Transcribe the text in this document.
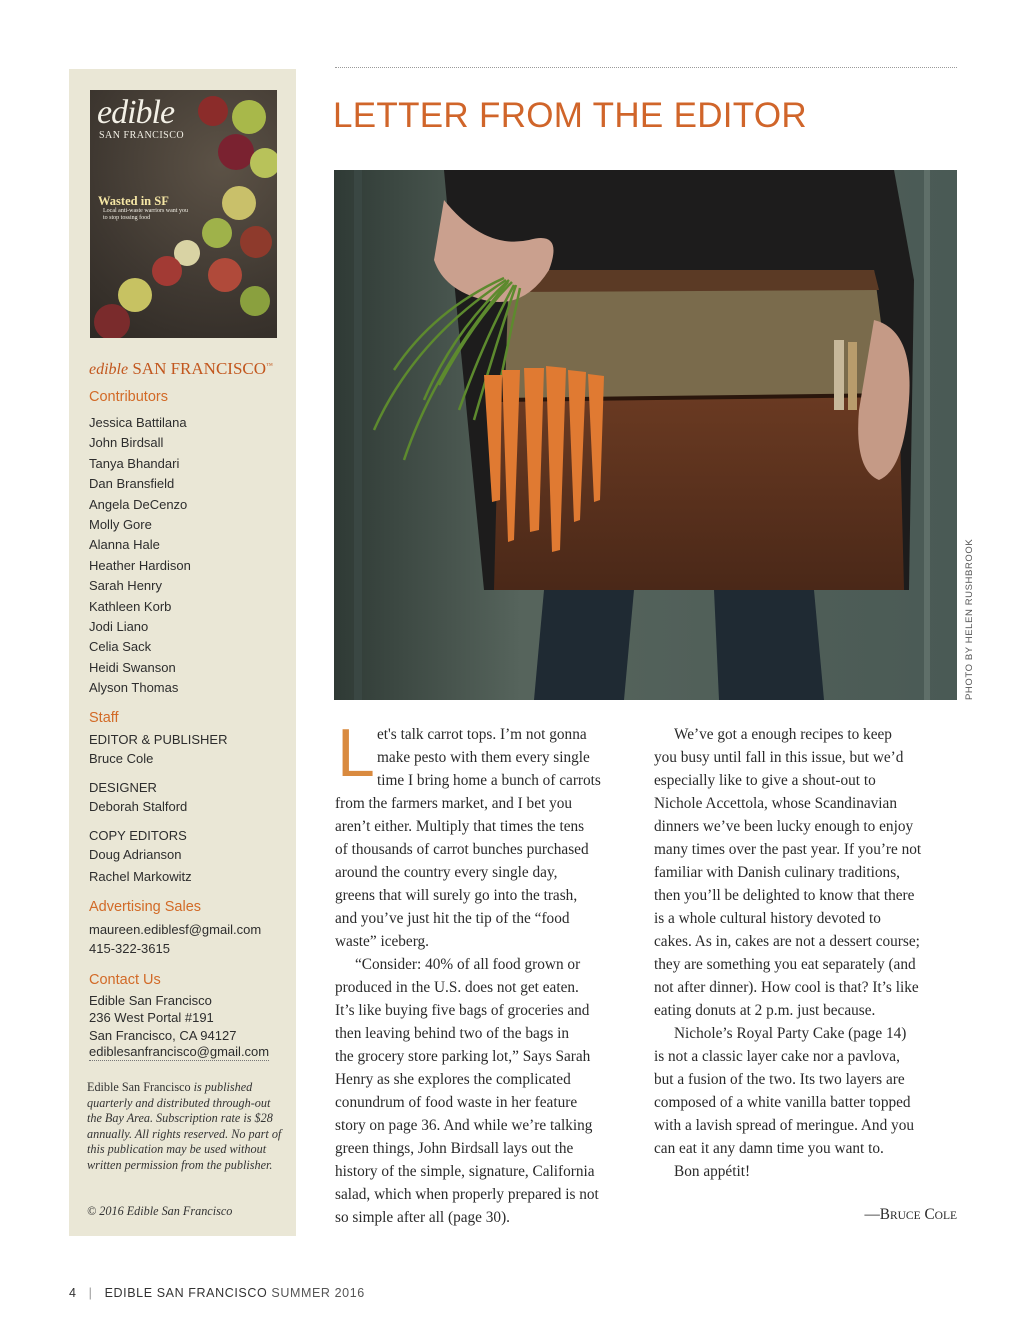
edible
SAN FRANCISCO
Wasted in SF
Local anti-waste warriors want you to stop tossing food
edible SAN FRANCISCO™
Contributors
Jessica Battilana
John Birdsall
Tanya Bhandari
Dan Bransfield
Angela DeCenzo
Molly Gore
Alanna Hale
Heather Hardison
Sarah Henry
Kathleen Korb
Jodi Liano
Celia Sack
Heidi Swanson
Alyson Thomas
Staff
EDITOR & PUBLISHER
Bruce Cole
DESIGNER
Deborah Stalford
COPY EDITORS
Doug Adrianson
Rachel Markowitz
Advertising Sales
maureen.ediblesf@gmail.com
415-322-3615
Contact Us
Edible San Francisco
236 West Portal #191
San Francisco, CA 94127
ediblesanfrancisco@gmail.com
Edible San Francisco is published quarterly and distributed through-out the Bay Area. Subscription rate is $28 annually. All rights reserved. No part of this publication may be used without written permission from the publisher.
© 2016 Edible San Francisco
LETTER FROM THE EDITOR
PHOTO BY HELEN RUSHBROOK
L et's talk carrot tops. I’m not gonna
make pesto with them every single
time I bring home a bunch of carrots
from the farmers market, and I bet you
aren’t either. Multiply that times the tens
of thousands of carrot bunches purchased
around the country every single day,
greens that will surely go into the trash,
and you’ve just hit the tip of the “food
waste” iceberg.
“Consider: 40% of all food grown or
produced in the U.S. does not get eaten.
It’s like buying five bags of groceries and
then leaving behind two of the bags in
the grocery store parking lot,” Says Sarah
Henry as she explores the complicated
conundrum of food waste in her feature
story on page 36. And while we’re talking
green things, John Birdsall lays out the
history of the simple, signature, California
salad, which when properly prepared is not
so simple after all (page 30).
We’ve got a enough recipes to keep
you busy until fall in this issue, but we’d
especially like to give a shout-out to
Nichole Accettola, whose Scandinavian
dinners we’ve been lucky enough to enjoy
many times over the past year. If you’re not
familiar with Danish culinary traditions,
then you’ll be delighted to know that there
is a whole cultural history devoted to
cakes. As in, cakes are not a dessert course;
they are something you eat separately (and
not after dinner). How cool is that? It’s like
eating donuts at 2 p.m. just because.
Nichole’s Royal Party Cake (page 14)
is not a classic layer cake nor a pavlova,
but a fusion of the two. Its two layers are
composed of a white vanilla batter topped
with a lavish spread of meringue. And you
can eat it any damn time you want to.
Bon appétit!
—BRUCE COLE
4 | EDIBLE SAN FRANCISCO SUMMER 2016
